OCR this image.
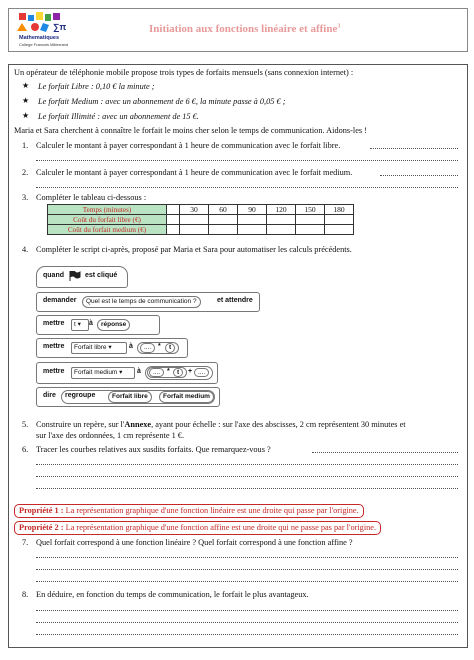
∑π
Mathematiques
College Francois Mitterrand
Initiation aux fonctions linéaire et affine$^3$
Un opérateur de téléphonie mobile propose trois types de forfaits mensuels (sans connexion internet) :
★ Le forfait Libre : 0,10 € la minute ;
★ Le forfait Medium : avec un abonnement de 6 €, la minute passe à 0,05 € ;
★ Le forfait Illimité : avec un abonnement de 15 €.
Maria et Sara cherchent à connaître le forfait le moins cher selon le temps de communication. Aidons-les !
1. Calculer le montant à payer correspondant à 1 heure de communication avec le forfait libre.
2. Calculer le montant à payer correspondant à 1 heure de communication avec le forfait medium.
3. Compléter le tableau ci-dessous :
Temps (minutes)		30	60	90	120	150	180
Coût du forfait libre (€)							
Coût du forfait medium (€)							
4. Compléter le script ci-après, proposé par Maria et Sara pour automatiser les calculs précédents.
quand	est cliqué
demander	Quel est le temps de communication ?	et attendre
mettre	t ▾	à	réponse
mettre	Forfait libre ▾	à	.... *	t
mettre	Forfait medium ▾	à	.... *	t	+ ....
dire regroupe	Forfait libre	Forfait medium
5. Construire un repère, sur l'Annexe, ayant pour échelle : sur l'axe des abscisses, 2 cm représentent 30 minutes et
sur l'axe des ordonnées, 1 cm représente 1 €.
6. Tracer les courbes relatives aux susdits forfaits. Que remarquez-vous ?
Propriété 1 : La représentation graphique d'une fonction linéaire est une droite qui passe par l'origine.
Propriété 2 : La représentation graphique d'une fonction affine est une droite qui ne passe pas par l'origine.
7. Quel forfait correspond à une fonction linéaire ? Quel forfait correspond à une fonction affine ?
8. En déduire, en fonction du temps de communication, le forfait le plus avantageux.
